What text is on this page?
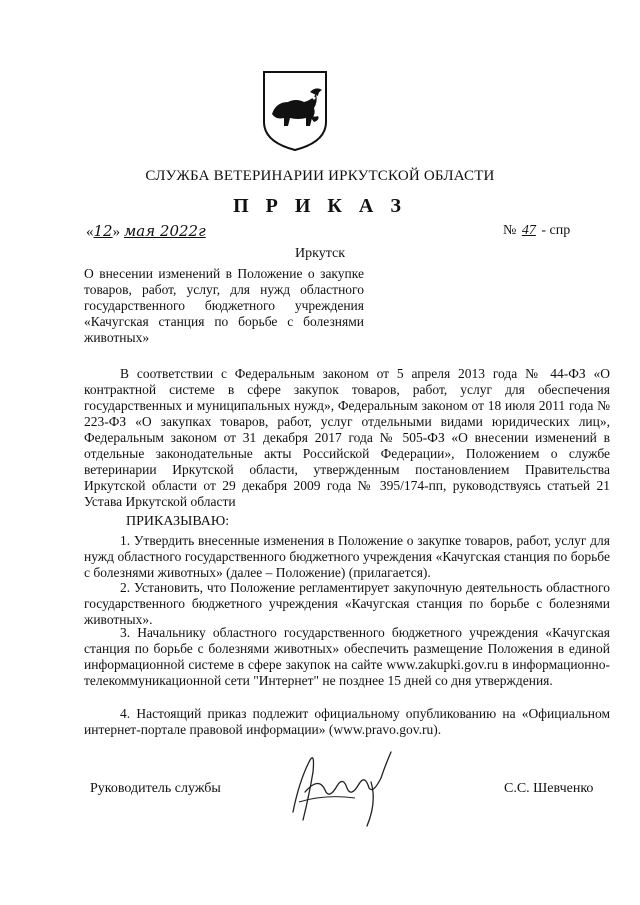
СЛУЖБА ВЕТЕРИНАРИИ ИРКУТСКОЙ ОБЛАСТИ
П Р И К А З
«12» мая 2022г	№ 47 - спр
Иркутск
О внесении изменений в Положение о закупке товаров, работ, услуг, для нужд областного государственного бюджетного учреждения «Качугская станция по борьбе с болезнями животных»
В соответствии с Федеральным законом от 5 апреля 2013 года № 44-ФЗ «О контрактной системе в сфере закупок товаров, работ, услуг для обеспечения государственных и муниципальных нужд», Федеральным законом от 18 июля 2011 года № 223-ФЗ «О закупках товаров, работ, услуг отдельными видами юридических лиц», Федеральным законом от 31 декабря 2017 года № 505-ФЗ «О внесении изменений в отдельные законодательные акты Российской Федерации», Положением о службе ветеринарии Иркутской области, утвержденным постановлением Правительства Иркутской области от 29 декабря 2009 года № 395/174-пп, руководствуясь статьей 21 Устава Иркутской области
ПРИКАЗЫВАЮ:
1. Утвердить внесенные изменения в Положение о закупке товаров, работ, услуг для нужд областного государственного бюджетного учреждения «Качугская станция по борьбе с болезнями животных» (далее – Положение) (прилагается).
2. Установить, что Положение регламентирует закупочную деятельность областного государственного бюджетного учреждения «Качугская станция по борьбе с болезнями животных».
3. Начальнику областного государственного бюджетного учреждения «Качугская станция по борьбе с болезнями животных» обеспечить размещение Положения в единой информационной системе в сфере закупок на сайте www.zakupki.gov.ru в информационно-телекоммуникационной сети "Интернет" не позднее 15 дней со дня утверждения.
4. Настоящий приказ подлежит официальному опубликованию на «Официальном интернет-портале правовой информации» (www.pravo.gov.ru).
Руководитель службы	С.С. Шевченко
